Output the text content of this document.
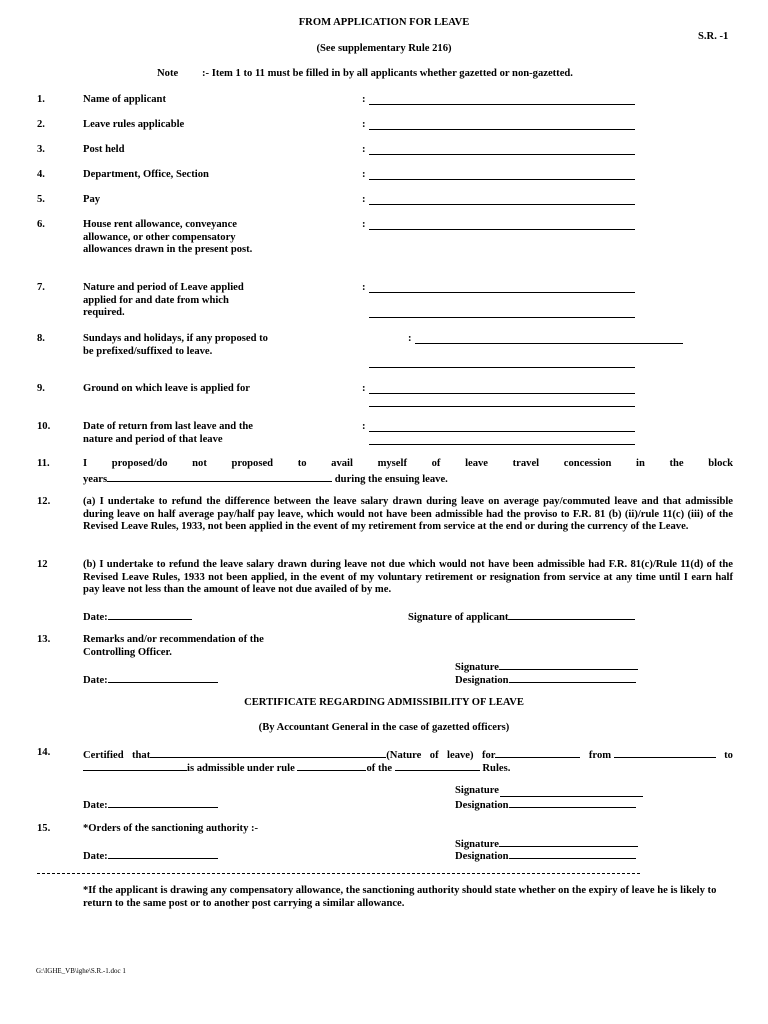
FROM APPLICATION FOR LEAVE
S.R. -1
(See supplementary Rule 216)
Note :- Item 1 to 11 must be filled in by all applicants whether gazetted or non-gazetted.
1.	Name of applicant	:
2.	Leave rules applicable	:
3.	Post held	:
4.	Department, Office, Section	:
5.	Pay	:
6.	House rent allowance, conveyance allowance, or other compensatory allowances drawn in the present post.
:
7.	Nature and period of Leave applied applied for and date from which required.
:
8.	Sundays and holidays, if any proposed to be prefixed/suffixed to leave.
:
9.	Ground on which leave is applied for	:
10.	Date of return from last leave and the nature and period of that leave
:
11.	I proposed/do not proposed to avail myself of leave travel concession in the block
years	during the ensuing leave.
12.	(a) I undertake to refund the difference between the leave salary drawn during leave on average pay/commuted leave and that admissible during leave on half average pay/half pay leave, which would not have been admissible had the proviso to F.R. 81 (b) (ii)/rule 11(c) (iii) of the Revised Leave Rules, 1933, not been applied in the event of my retirement from service at the end or during the currency of the Leave.
12	(b) I undertake to refund the leave salary drawn during leave not due which would not have been admissible had F.R. 81(c)/Rule 11(d) of the Revised Leave Rules, 1933 not been applied, in the event of my voluntary retirement or resignation from service at any time until I earn half pay leave not less than the amount of leave not due availed of by me.
Date:	Signature of applicant
13.	Remarks and/or recommendation of the
Controlling Officer.
Signature
Date:	Designation
CERTIFICATE REGARDING ADMISSIBILITY OF LEAVE
(By Accountant General in the case of gazetted officers)
14.	Certified that	(Nature of leave) for	from	to
is admissible under rule	of the	Rules.
Signature
Date:	Designation
15.	*Orders of the sanctioning authority :-
Signature
Date:	Designation
*If the applicant is drawing any compensatory allowance, the sanctioning authority should state whether on the expiry of leave he is likely to return to the same post or to another post carrying a similar allowance.
G:\IGHE_VB\ighe\S.R.-1.doc 1
